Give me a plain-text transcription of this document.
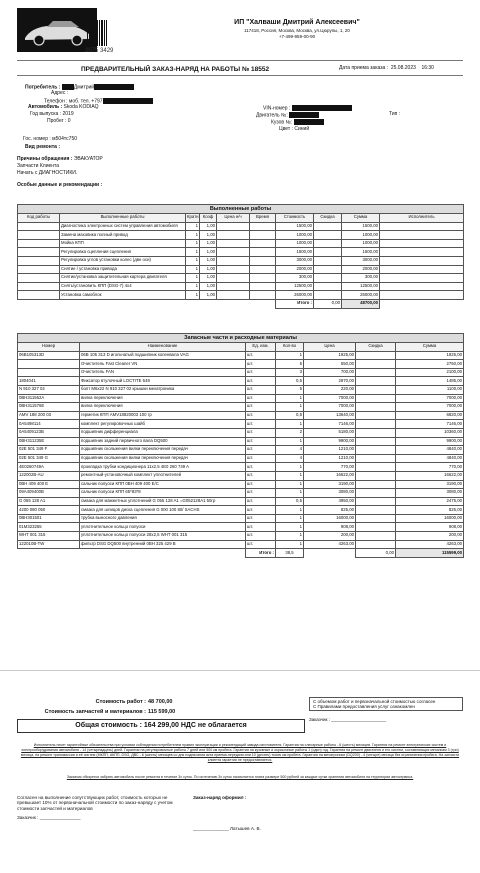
2075 3429
ИП "Халваши Дмитрий Алексеевич"
117418, Россия, Москва, Москва, ул.Цюрупы, 1, 20
+7-499-959-00-90
ПРЕДВАРИТЕЛЬНЫЙ ЗАКАЗ-НАРЯД НА РАБОТЫ № 18552	Дата приема заказа : 25.08.2023 16:30
Потребитель :	Дмитрий
Адрес :
Телефон : моб. тел. +797
Автомобиль : Skoda KODIAQ
Год выпуска : 2019
Пробег : 0
VIN-номер :
Двигатель №:	Тип :
Кузов №:
Цвет : Синий
Гос. номер : м504тс750
Вид ремонта :
Причины обращения : ЭВАКУАТОР
Запчасти Клиента
Начать с ДИАГНОСТИКИ.
Особые данные и рекомендации :
Выполненные работы									
Код работы	Выполненные работы	Кратн	Коэф	Цена н/ч	Время	Стоимость	Скидка	Сумма	Исполнитель
	Диагностика электронных систем управления автомобиля	1	1,00			1500,00		1500,00	
	Замена маховика полный привод	1	1,00			1000,00		1000,00	
	Мойка КПП	1	1,00			1000,00		1000,00	
	Регулировка сцепления сцепления	1	1,00			1500,00		1500,00	
	Регулировка углов установки колес (две оси)	1	1,00			3000,00		3000,00	
	Снятие / установка привода	1	1,00			2000,00		2000,00	
	Снятие/установка защитительная картера двигателя	1	1,00			300,00		300,00	
	Снять/установить КПП (DSG-7) 4x4	1	1,00			12500,00		12500,00	
	Установка самоблок	1	1,00			26000,00		26000,00	
						Итого :	0,00	48700,00	
Запасные части и расходные материалы						
Номер	Наименование	Ед. изм.	Кол-во	Цена	Скидка	Сумма
06B105313D	06B 105 313 D игольчатый подшипник коленвала VAG	шт.	1	1925,00		1925,00
	Очиститель Fast Cleaner VN	шт.	5	550,00		2750,00
	Очиститель FAN	шт.	3	700,00		2100,00
1804041	Фиксатор втулочный LOCTITE 648	шт.	0,5	2970,00		1485,00
N 910 327 02	болт M6x22 N 910 327 02 крышки мехатроника	шт.	5	220,00		1100,00
0BH311562A	вилка переключения	шт.	1	7000,00		7000,00
0BH311576E	вилка переключения	шт.	1	7000,00		7000,00
AMV 188 200 03	герметик КПП AMV18820003 100 гр	шт.	0,5	13640,00		6820,00
0A5498114	комплект регулировочных шайб	шт.	1	7146,00		7146,00
0A5409123B	подшипник дифференциала	шт.	2	5180,00		10360,00
0BH311235E	подшипник задний первичного вала DQ500	шт.	1	9900,00		9900,00
02E 501 349 F	подшипник скольжения вилки переключения передач	шт.	4	1210,00		4840,00
02E 501 349 G	подшипник скольжения вилки переключения передач	шт.	4	1210,00		4840,00
4E0260749A	прокладка трубки кондиционера 11x2,5 4E0 260 749 A	шт.	1	770,00		770,00
122002B-AU	ремонтный-установочный комплект уплотнителей	шт.	1	16622,00		16622,00
0BH 409 400 E	сальник полуоси КПП 0BH 409 400 E/C	шт.	1	3190,00		3190,00
09A409400B	сальник полуоси КПП 65*83*8	шт.	1	3080,00		3080,00
G 055 128 A1	смазка для манжетных уплотнений G 055 128 A1 =G052128A1 50гр	шт.	0,5	4950,00		2475,00
4200 080 050	смазка для шлицов диска сцепления G 000 100 80/ SACHS	шт.	1	825,00		825,00
0BH301501	трубка выносного давления	шт.	1	16000,00		16000,00
01M323255	уплотнительное кольцо полуоси	шт.	1	908,00		908,00
WHT 001 315	уплотнительное кольцо полуоси 28x2,5 WHT 001 315	шт.	1	200,00		200,00
122010B-TW	фильтр DSG DQ500 внутренний 0BH 325 429 B	шт.	1	4263,00		4263,00
		Итого :	38,5		0,00	115599,00
Стоимость работ :	48 700,00
Стоимость запчастей и материалов :	115 599,00
Общая стоимость : 164 299,00 НДС не облагается
С объемом работ и первоначальной стоимостью согласен
С Правилами предоставления услуг ознакомлен
Заказчик : ______________________
Исполнитель несет гарантийные обязательства при условии соблюдения потребителем правил эксплуатации и рекомендаций завода изготовителя. Гарантия на слесарные работы - 6 (шесть) месяцев. Гарантия на ремонт электрических систем и электрооборудования автомобиля - 14 (четырнадцать) дней. Гарантия на регулировочные работы 7 дней или 500 км пробега. Гарантия на кузовные и окрасочные работы 1 (один) год. Гарантия на ремонт двигателя и его систем, составляющих механизм 3 (три) месяца, на ремонт трансмиссии и её систем (МКПП, АКПП, DSG, ДВС - 6 (шесть) месяцев со дня подписания акта приема-передачи или 10 (десять) тысяч км пробега. Гарантия на мехатроники (DQ200) - 4 (четыре) месяца без ограничения пробега. На запчасти клиента гарантия не предоставляется.
Заказчик обязуется забрать автомобиль после ремонта в течение 3х суток. По истечению 3х суток начисляется плата размере 500 рублей за каждые сутки хранения автомобиля на территории автосервиса.
Согласен на выполнение сопутствующих работ, стоимость которых не превышает 10% от первоначальной стоимости по заказ-наряду с учетом стоимости запчастей и материалов
Заказчик : ________________
Заказ-наряд оформил :
______________ Латышев А. В.
